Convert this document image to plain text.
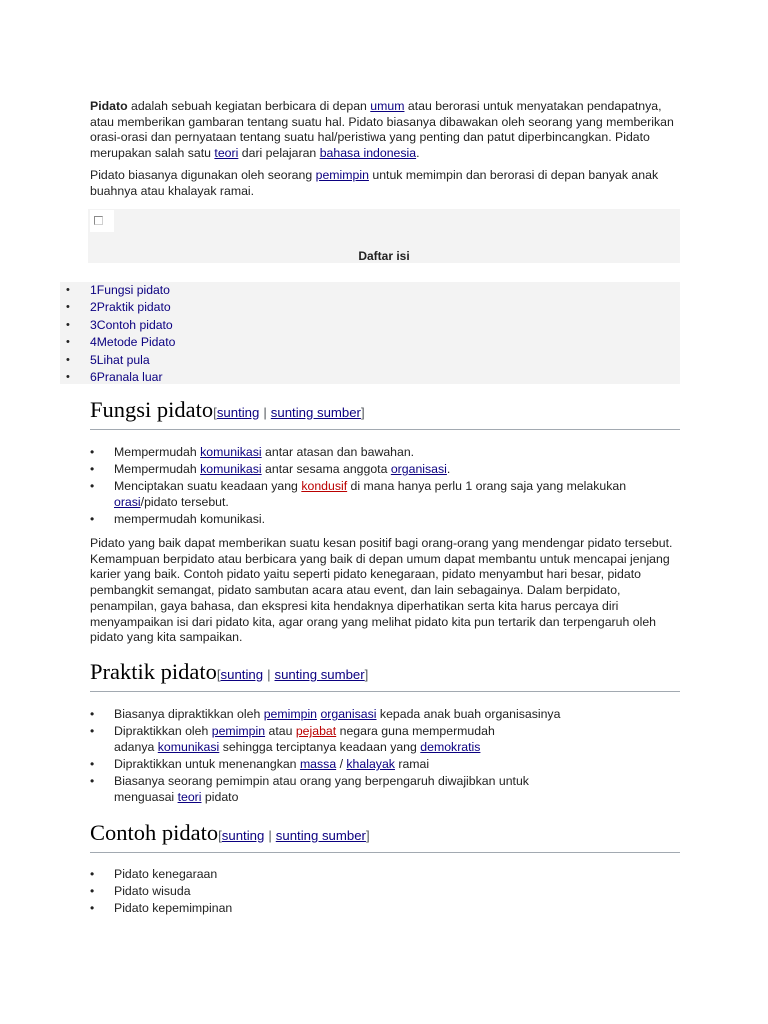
Pidato adalah sebuah kegiatan berbicara di depan umum atau berorasi untuk menyatakan pendapatnya, atau memberikan gambaran tentang suatu hal. Pidato biasanya dibawakan oleh seorang yang memberikan orasi-orasi dan pernyataan tentang suatu hal/peristiwa yang penting dan patut diperbincangkan. Pidato merupakan salah satu teori dari pelajaran bahasa indonesia.

Pidato biasanya digunakan oleh seorang pemimpin untuk memimpin dan berorasi di depan banyak anak buahnya atau khalayak ramai.

Daftar isi
• 1Fungsi pidato
• 2Praktik pidato
• 3Contoh pidato
• 4Metode Pidato
• 5Lihat pula
• 6Pranala luar
Fungsi pidato[sunting | sunting sumber]
• Mempermudah komunikasi antar atasan dan bawahan.
• Mempermudah komunikasi antar sesama anggota organisasi.
• Menciptakan suatu keadaan yang kondusif di mana hanya perlu 1 orang saja yang melakukan orasi/pidato tersebut.
• mempermudah komunikasi.

Pidato yang baik dapat memberikan suatu kesan positif bagi orang-orang yang mendengar pidato tersebut. Kemampuan berpidato atau berbicara yang baik di depan umum dapat membantu untuk mencapai jenjang karier yang baik. Contoh pidato yaitu seperti pidato kenegaraan, pidato menyambut hari besar, pidato pembangkit semangat, pidato sambutan acara atau event, dan lain sebagainya. Dalam berpidato, penampilan, gaya bahasa, dan ekspresi kita hendaknya diperhatikan serta kita harus percaya diri menyampaikan isi dari pidato kita, agar orang yang melihat pidato kita pun tertarik dan terpengaruh oleh pidato yang kita sampaikan.

Praktik pidato[sunting | sunting sumber]
• Biasanya dipraktikkan oleh pemimpin organisasi kepada anak buah organisasinya
• Dipraktikkan oleh pemimpin atau pejabat negara guna mempermudah adanya komunikasi sehingga terciptanya keadaan yang demokratis
• Dipraktikkan untuk menenangkan massa / khalayak ramai
• Biasanya seorang pemimpin atau orang yang berpengaruh diwajibkan untuk menguasai teori pidato
Contoh pidato[sunting | sunting sumber]
• Pidato kenegaraan
• Pidato wisuda
• Pidato kepemimpinan
